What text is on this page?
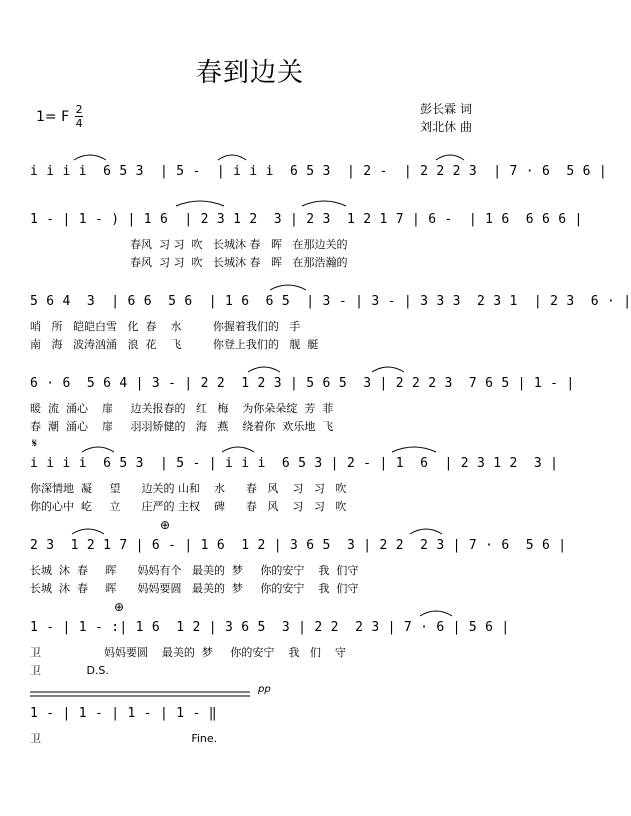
春到边关
1= F 2
4
彭长霖 词
刘北休 曲
i i i i  6 5 3  | 5 -  | i i i  6 5 3  | 2 -  | 2 2 2 3  | 7 · 6  5 6 |
1 - | 1 - ) | 1 6  | 2 3 1 2  3 | 2 3  1 2 1 7 | 6 -  | 1 6  6 6 6 |
春风  习 习  吹   长城沐 春   晖   在那边关的
春风  习 习  吹   长城沐 春   晖   在那浩瀚的
5 6 4  3  | 6 6  5 6  | 1 6  6 5  | 3 - | 3 - | 3 3 3  2 3 1  | 2 3  6 · |
哨   所   皑皑白雪   化  春    水         你握着我们的   手
南   海   波涛汹涌   浪  花    飞         你登上我们的   舰  艇
6 · 6  5 6 4 | 3 - | 2 2  1 2 3 | 5 6 5  3 | 2 2 2 3  7 6 5 | 1 - |
暖  流  涌心    扉     边关报春的   红   梅    为你朵朵绽  芳  菲
春  潮  涌心    扉     羽羽矫健的   海   燕    绕着你  欢乐地  飞
𝄋
i i i i  6 5 3  | 5 - | i i i  6 5 3 | 2 - | 1  6  | 2 3 1 2  3 |
你深情地  凝     望      边关的 山和    水      春   风    习   习   吹
你的心中  屹     立      庄严的 主权    碑      春   风    习   习   吹
⊕
2 3  1 2 1 7 | 6 - | 1 6  1 2 | 3 6 5  3 | 2 2  2 3 | 7 · 6  5 6 |
长城  沐  春     晖      妈妈有个   最美的  梦     你的安宁    我  们守
长城  沐  春     晖      妈妈要圆   最美的  梦     你的安宁    我  们守
⊕
1 - | 1 - :| 1 6  1 2 | 3 6 5  3 | 2 2  2 3 | 7 · 6 | 5 6 |
卫                  妈妈要圆    最美的  梦     你的安宁    我   们    守
卫             D.S.
pp
1 - | 1 - | 1 - | 1 - ‖
卫                                           Fine.
